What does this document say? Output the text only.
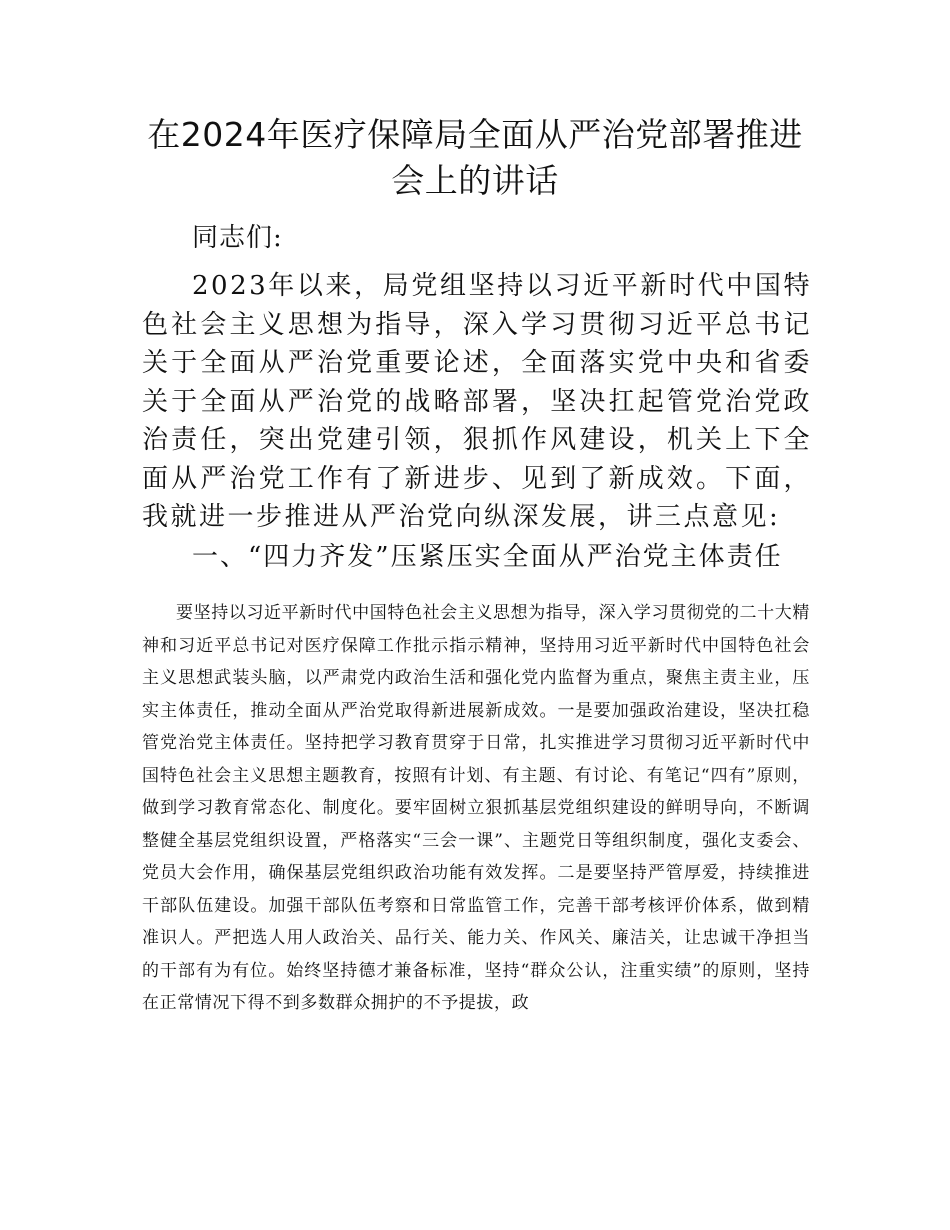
在2024年医疗保障局全面从严治党部署推进会上的讲话

同志们:

2023年以来，局党组坚持以习近平新时代中国特色社会主义思想为指导，深入学习贯彻习近平总书记关于全面从严治党重要论述，全面落实党中央和省委关于全面从严治党的战略部署，坚决扛起管党治党政治责任，突出党建引领，狠抓作风建设，机关上下全面从严治党工作有了新进步、见到了新成效。下面，我就进一步推进从严治党向纵深发展，讲三点意见:

一、“四力齐发”压紧压实全面从严治党主体责任

要坚持以习近平新时代中国特色社会主义思想为指导，深入学习贯彻党的二十大精神和习近平总书记对医疗保障工作批示指示精神，坚持用习近平新时代中国特色社会主义思想武装头脑，以严肃党内政治生活和强化党内监督为重点，聚焦主责主业，压实主体责任，推动全面从严治党取得新进展新成效。一是要加强政治建设，坚决扛稳管党治党主体责任。坚持把学习教育贯穿于日常，扎实推进学习贯彻习近平新时代中国特色社会主义思想主题教育，按照有计划、有主题、有讨论、有笔记“四有”原则，做到学习教育常态化、制度化。要牢固树立狠抓基层党组织建设的鲜明导向，不断调整健全基层党组织设置，严格落实“三会一课”、主题党日等组织制度，强化支委会、党员大会作用，确保基层党组织政治功能有效发挥。二是要坚持严管厚爱，持续推进干部队伍建设。加强干部队伍考察和日常监管工作，完善干部考核评价体系，做到精准识人。严把选人用人政治关、品行关、能力关、作风关、廉洁关，让忠诚干净担当的干部有为有位。始终坚持德才兼备标准，坚持“群众公认，注重实绩”的原则，坚持在正常情况下得不到多数群众拥护的不予提拔，政
